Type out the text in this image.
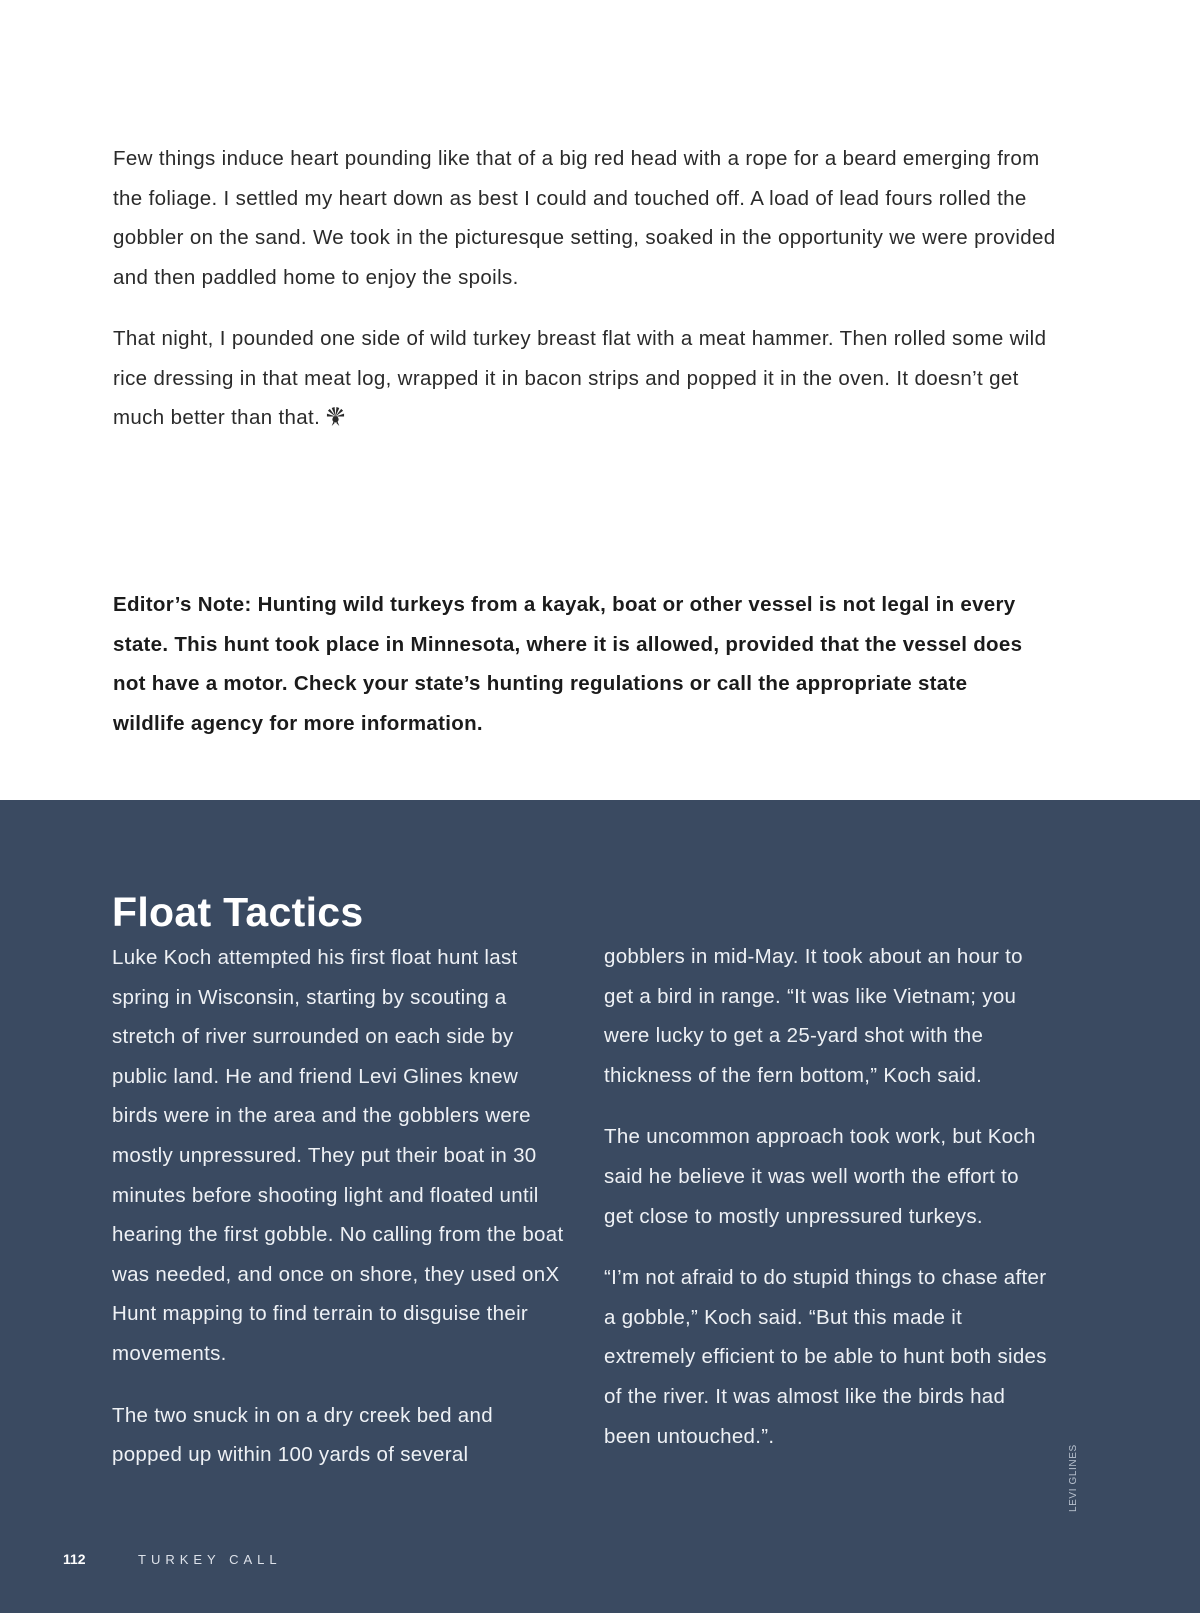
Few things induce heart pounding like that of a big red head with a rope for a beard emerging from the foliage. I settled my heart down as best I could and touched off. A load of lead fours rolled the gobbler on the sand. We took in the picturesque setting, soaked in the opportunity we were provided and then paddled home to enjoy the spoils.

That night, I pounded one side of wild turkey breast flat with a meat hammer. Then rolled some wild rice dressing in that meat log, wrapped it in bacon strips and popped it in the oven. It doesn’t get much better than that.

Editor’s Note: Hunting wild turkeys from a kayak, boat or other vessel is not legal in every state. This hunt took place in Minnesota, where it is allowed, provided that the vessel does not have a motor. Check your state’s hunting regulations or call the appropriate state wildlife agency for more information.

Float Tactics

Luke Koch attempted his first float hunt last spring in Wisconsin, starting by scouting a stretch of river surrounded on each side by public land. He and friend Levi Glines knew birds were in the area and the gobblers were mostly unpressured. They put their boat in 30 minutes before shooting light and floated until hearing the first gobble. No calling from the boat was needed, and once on shore, they used onX Hunt mapping to find terrain to disguise their movements.

The two snuck in on a dry creek bed and popped up within 100 yards of several

gobblers in mid-May. It took about an hour to get a bird in range. “It was like Vietnam; you were lucky to get a 25-yard shot with the thickness of the fern bottom,” Koch said.

The uncommon approach took work, but Koch said he believe it was well worth the effort to get close to mostly unpressured turkeys.

“I’m not afraid to do stupid things to chase after a gobble,” Koch said. “But this made it extremely efficient to be able to hunt both sides of the river. It was almost like the birds had been untouched.”.

LEVI GLINES
112	TURKEY CALL
